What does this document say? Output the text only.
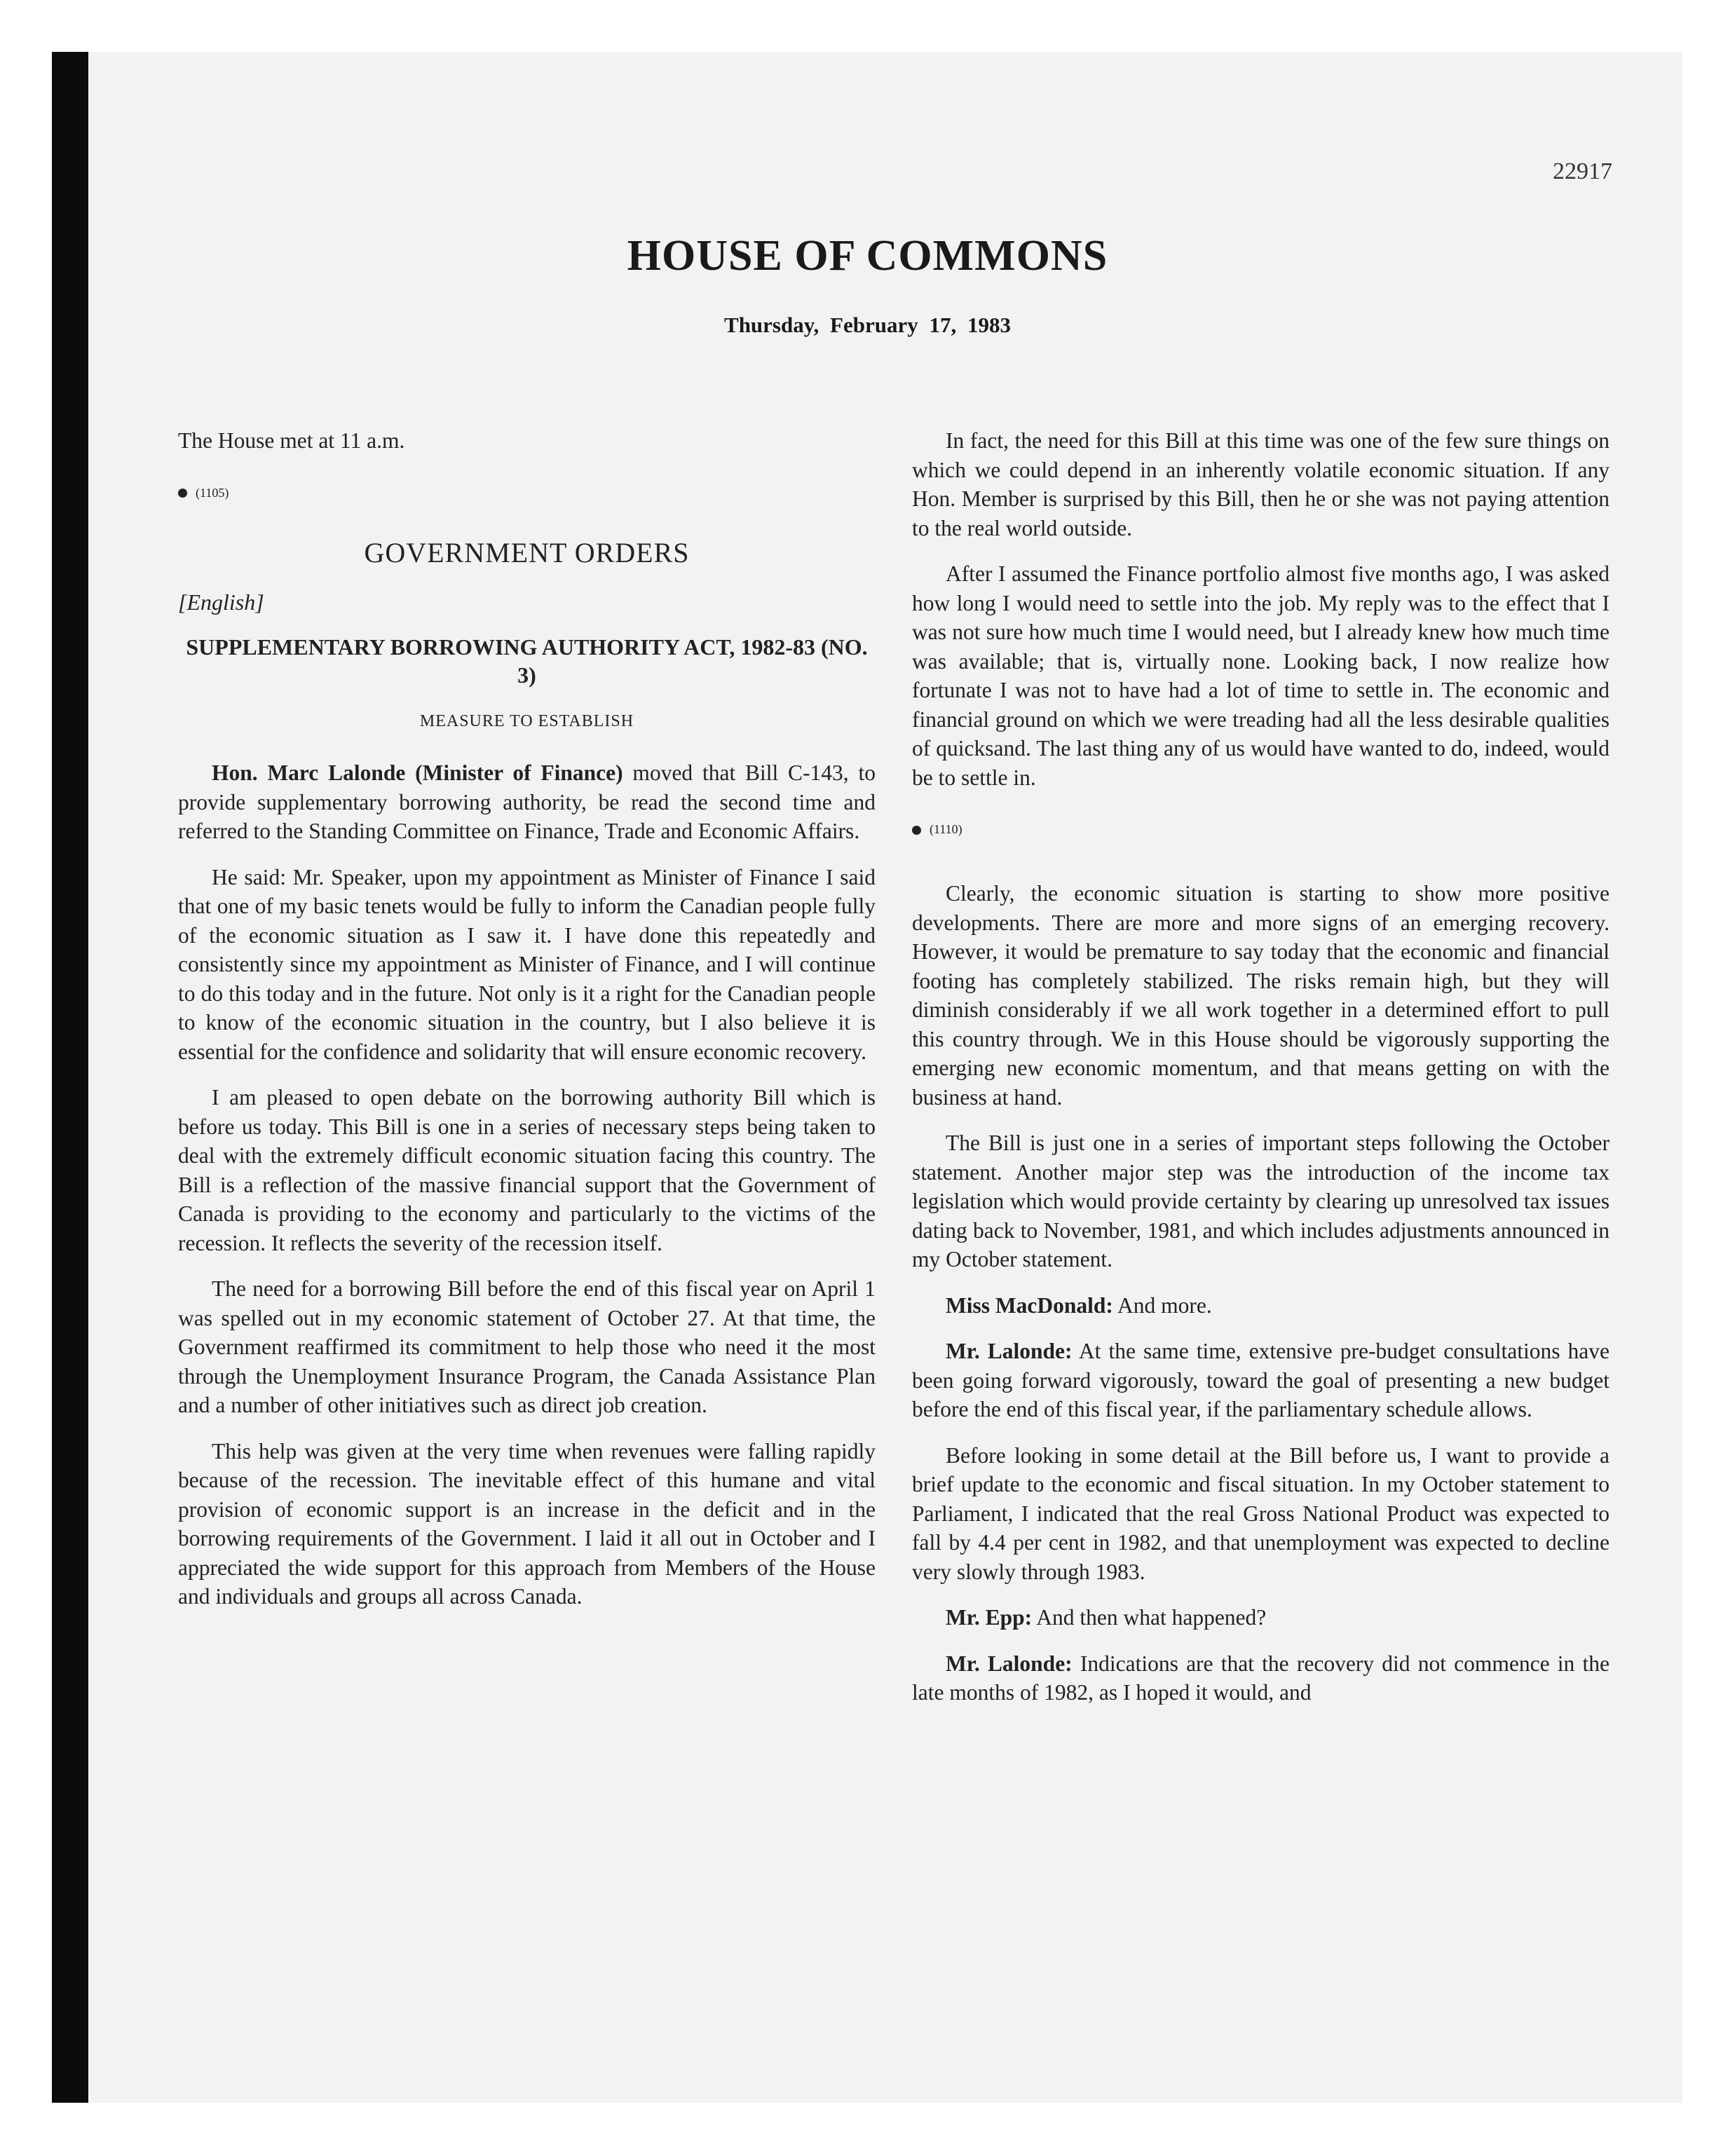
22917
HOUSE OF COMMONS
Thursday, February 17, 1983

The House met at 11 a.m.

(1105)
GOVERNMENT ORDERS
[English]
SUPPLEMENTARY BORROWING AUTHORITY ACT, 1982-83 (NO. 3)
MEASURE TO ESTABLISH

Hon. Marc Lalonde (Minister of Finance) moved that Bill C-143, to provide supplementary borrowing authority, be read the second time and referred to the Standing Committee on Finance, Trade and Economic Affairs.

He said: Mr. Speaker, upon my appointment as Minister of Finance I said that one of my basic tenets would be fully to inform the Canadian people fully of the economic situation as I saw it. I have done this repeatedly and consistently since my appointment as Minister of Finance, and I will continue to do this today and in the future. Not only is it a right for the Canadian people to know of the economic situation in the country, but I also believe it is essential for the confidence and solidarity that will ensure economic recovery.

I am pleased to open debate on the borrowing authority Bill which is before us today. This Bill is one in a series of necessary steps being taken to deal with the extremely difficult economic situation facing this country. The Bill is a reflection of the massive financial support that the Government of Canada is providing to the economy and particularly to the victims of the recession. It reflects the severity of the recession itself.

The need for a borrowing Bill before the end of this fiscal year on April 1 was spelled out in my economic statement of October 27. At that time, the Government reaffirmed its commitment to help those who need it the most through the Unemployment Insurance Program, the Canada Assistance Plan and a number of other initiatives such as direct job creation.

This help was given at the very time when revenues were falling rapidly because of the recession. The inevitable effect of this humane and vital provision of economic support is an increase in the deficit and in the borrowing requirements of the Government. I laid it all out in October and I appreciated the wide support for this approach from Members of the House and individuals and groups all across Canada.

In fact, the need for this Bill at this time was one of the few sure things on which we could depend in an inherently volatile economic situation. If any Hon. Member is surprised by this Bill, then he or she was not paying attention to the real world outside.

After I assumed the Finance portfolio almost five months ago, I was asked how long I would need to settle into the job. My reply was to the effect that I was not sure how much time I would need, but I already knew how much time was available; that is, virtually none. Looking back, I now realize how fortunate I was not to have had a lot of time to settle in. The economic and financial ground on which we were treading had all the less desirable qualities of quicksand. The last thing any of us would have wanted to do, indeed, would be to settle in.

(1110)

Clearly, the economic situation is starting to show more positive developments. There are more and more signs of an emerging recovery. However, it would be premature to say today that the economic and financial footing has completely stabilized. The risks remain high, but they will diminish considerably if we all work together in a determined effort to pull this country through. We in this House should be vigorously supporting the emerging new economic momentum, and that means getting on with the business at hand.

The Bill is just one in a series of important steps following the October statement. Another major step was the introduction of the income tax legislation which would provide certainty by clearing up unresolved tax issues dating back to November, 1981, and which includes adjustments announced in my October statement.

Miss MacDonald: And more.

Mr. Lalonde: At the same time, extensive pre-budget consultations have been going forward vigorously, toward the goal of presenting a new budget before the end of this fiscal year, if the parliamentary schedule allows.

Before looking in some detail at the Bill before us, I want to provide a brief update to the economic and fiscal situation. In my October statement to Parliament, I indicated that the real Gross National Product was expected to fall by 4.4 per cent in 1982, and that unemployment was expected to decline very slowly through 1983.

Mr. Epp: And then what happened?

Mr. Lalonde: Indications are that the recovery did not commence in the late months of 1982, as I hoped it would, and
